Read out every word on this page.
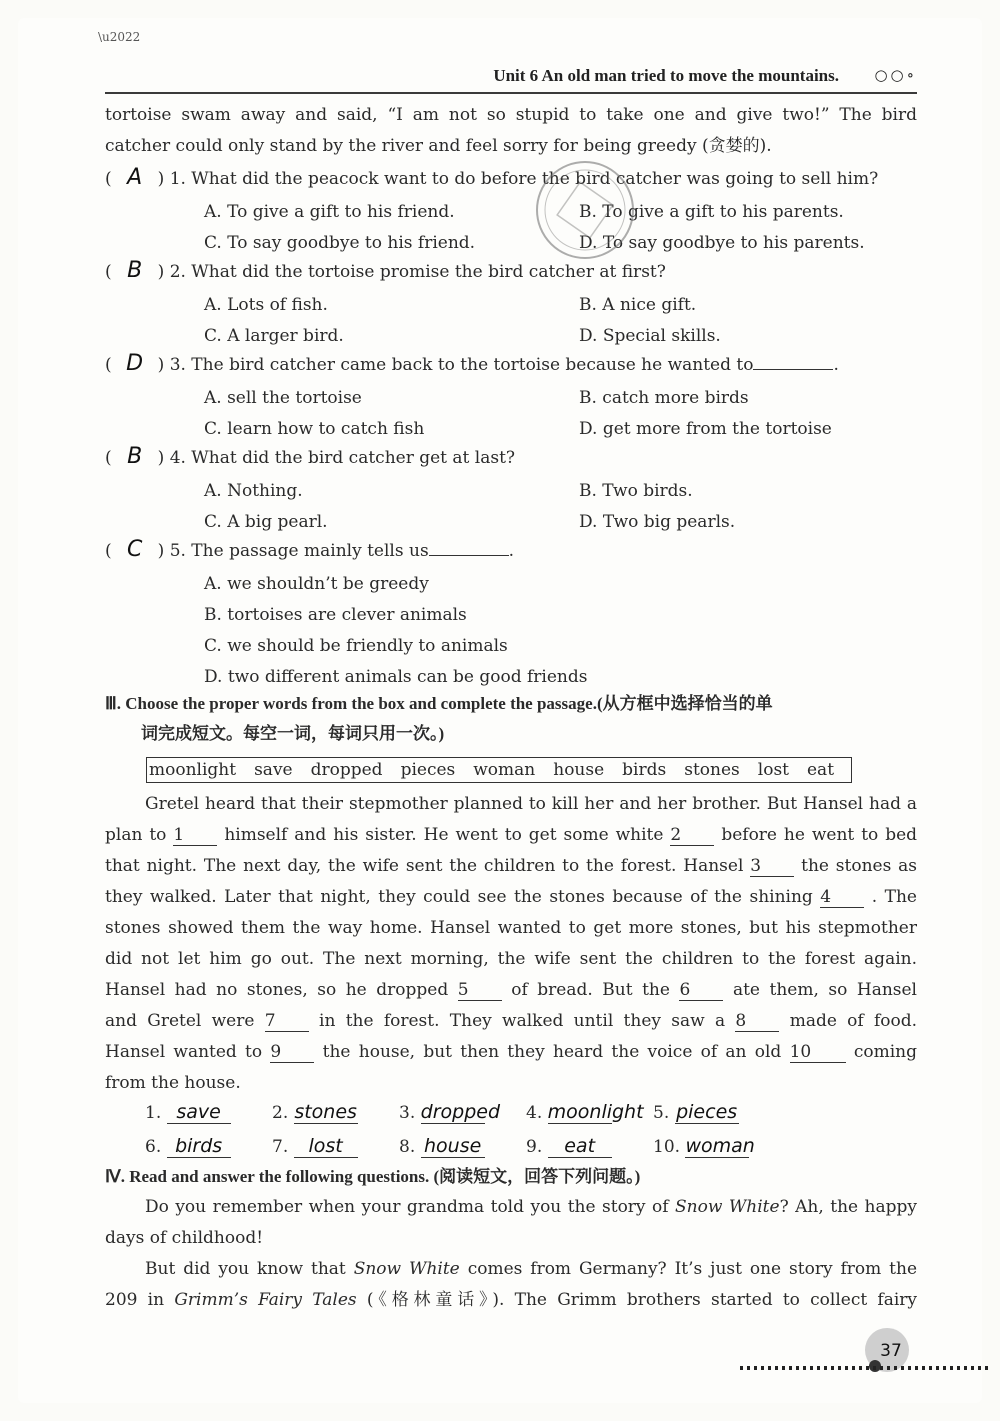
\u2022
Unit 6 An old man tried to move the mountains. ○○∘
tortoise swam away and said, “I am not so stupid to take one and give two!” The bird
catcher could only stand by the river and feel sorry for being greedy (贪婪的).
( A ) 1. What did the peacock want to do before the bird catcher was going to sell him?
A. To give a gift to his friend.	B. To give a gift to his parents.
C. To say goodbye to his friend.	D. To say goodbye to his parents.
( B ) 2. What did the tortoise promise the bird catcher at first?
A. Lots of fish.	B. A nice gift.
C. A larger bird.	D. Special skills.
( D ) 3. The bird catcher came back to the tortoise because he wanted to	.
A. sell the tortoise	B. catch more birds
C. learn how to catch fish	D. get more from the tortoise
( B ) 4. What did the bird catcher get at last?
A. Nothing.	B. Two birds.
C. A big pearl.	D. Two big pearls.
( C ) 5. The passage mainly tells us	.
A. we shouldn’t be greedy
B. tortoises are clever animals
C. we should be friendly to animals
D. two different animals can be good friends
Ⅲ. Choose the proper words from the box and complete the passage.(从方框中选择恰当的单
词完成短文。每空一词，每词只用一次。)
moonlight save dropped pieces woman house birds stones lost eat
Gretel heard that their stepmother planned to kill her and her brother. But Hansel had a
plan to 1 himself and his sister. He went to get some white 2 before he went to bed
that night. The next day, the wife sent the children to the forest. Hansel 3 the stones as
they walked. Later that night, they could see the stones because of the shining 4 . The
stones showed them the way home. Hansel wanted to get more stones, but his stepmother
did not let him go out. The next morning, the wife sent the children to the forest again.
Hansel had no stones, so he dropped 5	of bread. But the 6	ate them, so Hansel
and Gretel were 7	in the forest. They walked until they saw a 8	made of food.
Hansel wanted to 9 the house, but then they heard the voice of an old 10	coming
from the house.
1. save	2. stones 3. dropped 4. moonlight 5. pieces
6. birds	7. lost	8. house	9. eat	10. woman
Ⅳ. Read and answer the following questions. (阅读短文，回答下列问题。)
Do you remember when your grandma told you the story of Snow White? Ah, the happy
days of childhood!
But did you know that Snow White comes from Germany? It’s just one story from the
209 in Grimm’s Fairy Tales (《格林童话》). The Grimm brothers started to collect fairy
37
